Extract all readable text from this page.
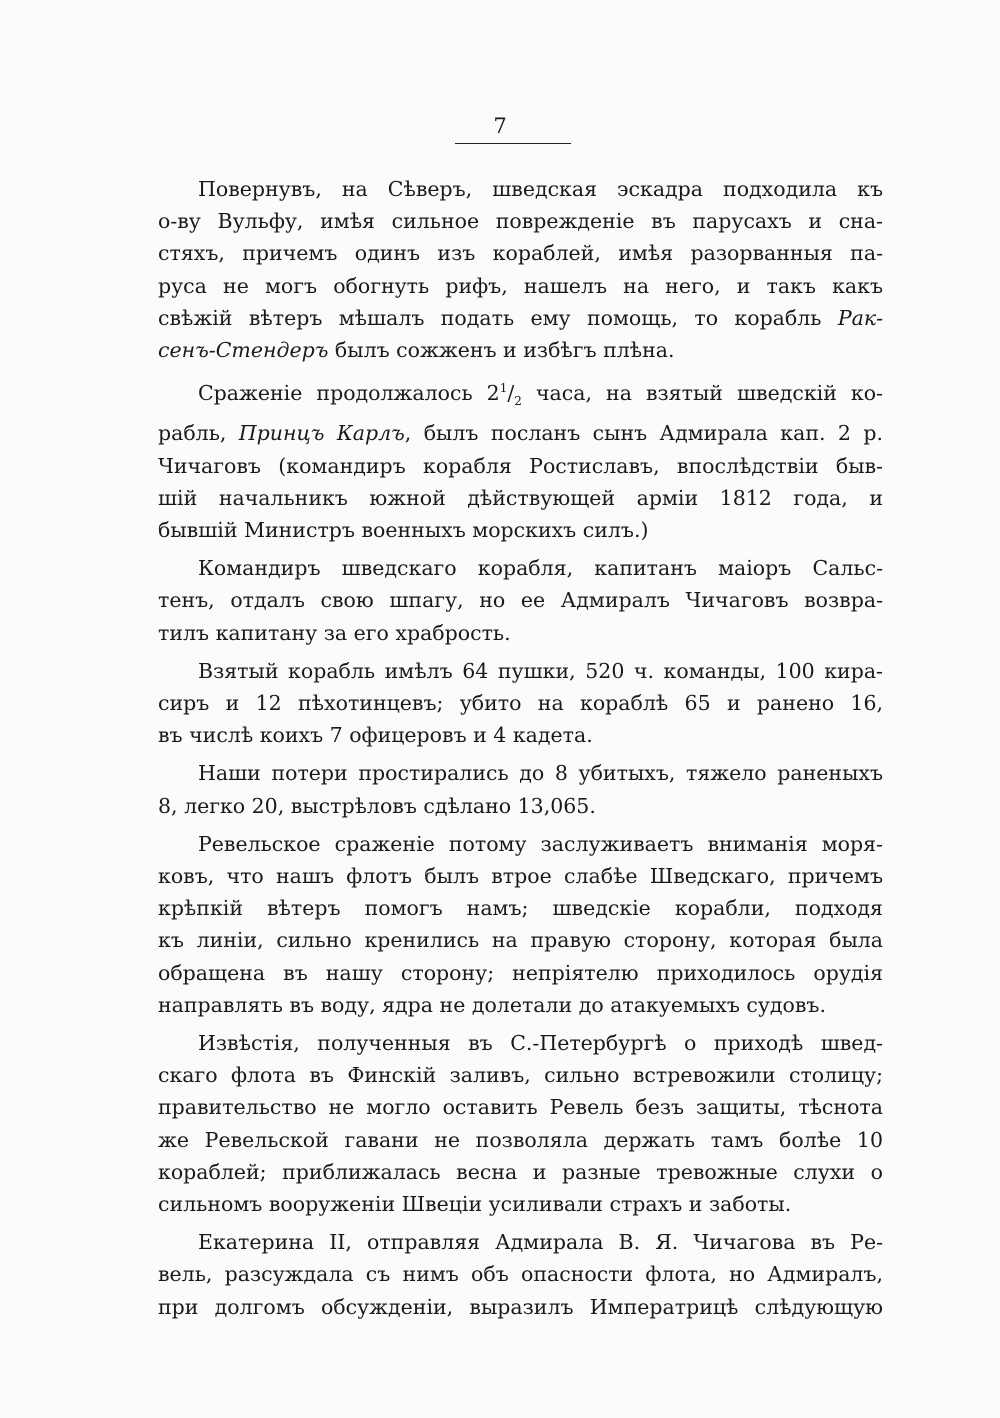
7
Повернувъ, на Сѣверъ, шведская эскадра подходила къ
о-ву Вульфу, имѣя сильное поврежденіе въ парусахъ и сна-
стяхъ, причемъ одинъ изъ кораблей, имѣя разорванныя па-
руса не могъ обогнуть рифъ, нашелъ на него, и такъ какъ
свѣжій вѣтеръ мѣшалъ подать ему помощь, то корабль Рак-
сенъ-Стендеръ былъ сожженъ и избѣгъ плѣна.
Сраженіе продолжалось $2^1/_2$ часа, на взятый шведскій ко-
рабль, Принцъ Карлъ, былъ посланъ сынъ Адмирала кап. 2 р.
Чичаговъ (командиръ корабля Ростиславъ, впослѣдствіи быв-
шій начальникъ южной дѣйствующей арміи 1812 года, и
бывшій Министръ военныхъ морскихъ силъ.)
Командиръ шведскаго корабля, капитанъ маіоръ Сальс-
тенъ, отдалъ свою шпагу, но ее Адмиралъ Чичаговъ возвра-
тилъ капитану за его храбрость.
Взятый корабль имѣлъ 64 пушки, 520 ч. команды, 100 кира-
сиръ и 12 пѣхотинцевъ; убито на кораблѣ 65 и ранено 16,
въ числѣ коихъ 7 офицеровъ и 4 кадета.
Наши потери простирались до 8 убитыхъ, тяжело раненыхъ
8, легко 20, выстрѣловъ сдѣлано 13,065.
Ревельское сраженіе потому заслуживаетъ вниманія моря-
ковъ, что нашъ флотъ былъ втрое слабѣе Шведскаго, причемъ
крѣпкій вѣтеръ помогъ намъ; шведскіе корабли, подходя
къ линіи, сильно кренились на правую сторону, которая была
обращена въ нашу сторону; непріятелю приходилось орудія
направлять въ воду, ядра не долетали до атакуемыхъ судовъ.
Извѣстія, полученныя въ С.-Петербургѣ о приходѣ швед-
скаго флота въ Финскій заливъ, сильно встревожили столицу;
правительство не могло оставить Ревель безъ защиты, тѣснота
же Ревельской гавани не позволяла держать тамъ болѣе 10
кораблей; приближалась весна и разные тревожные слухи о
сильномъ вооруженіи Швеціи усиливали страхъ и заботы.
Екатерина II, отправляя Адмирала В. Я. Чичагова въ Ре-
вель, разсуждала съ нимъ объ опасности флота, но Адмиралъ,
при долгомъ обсужденіи, выразилъ Императрицѣ слѣдующую
